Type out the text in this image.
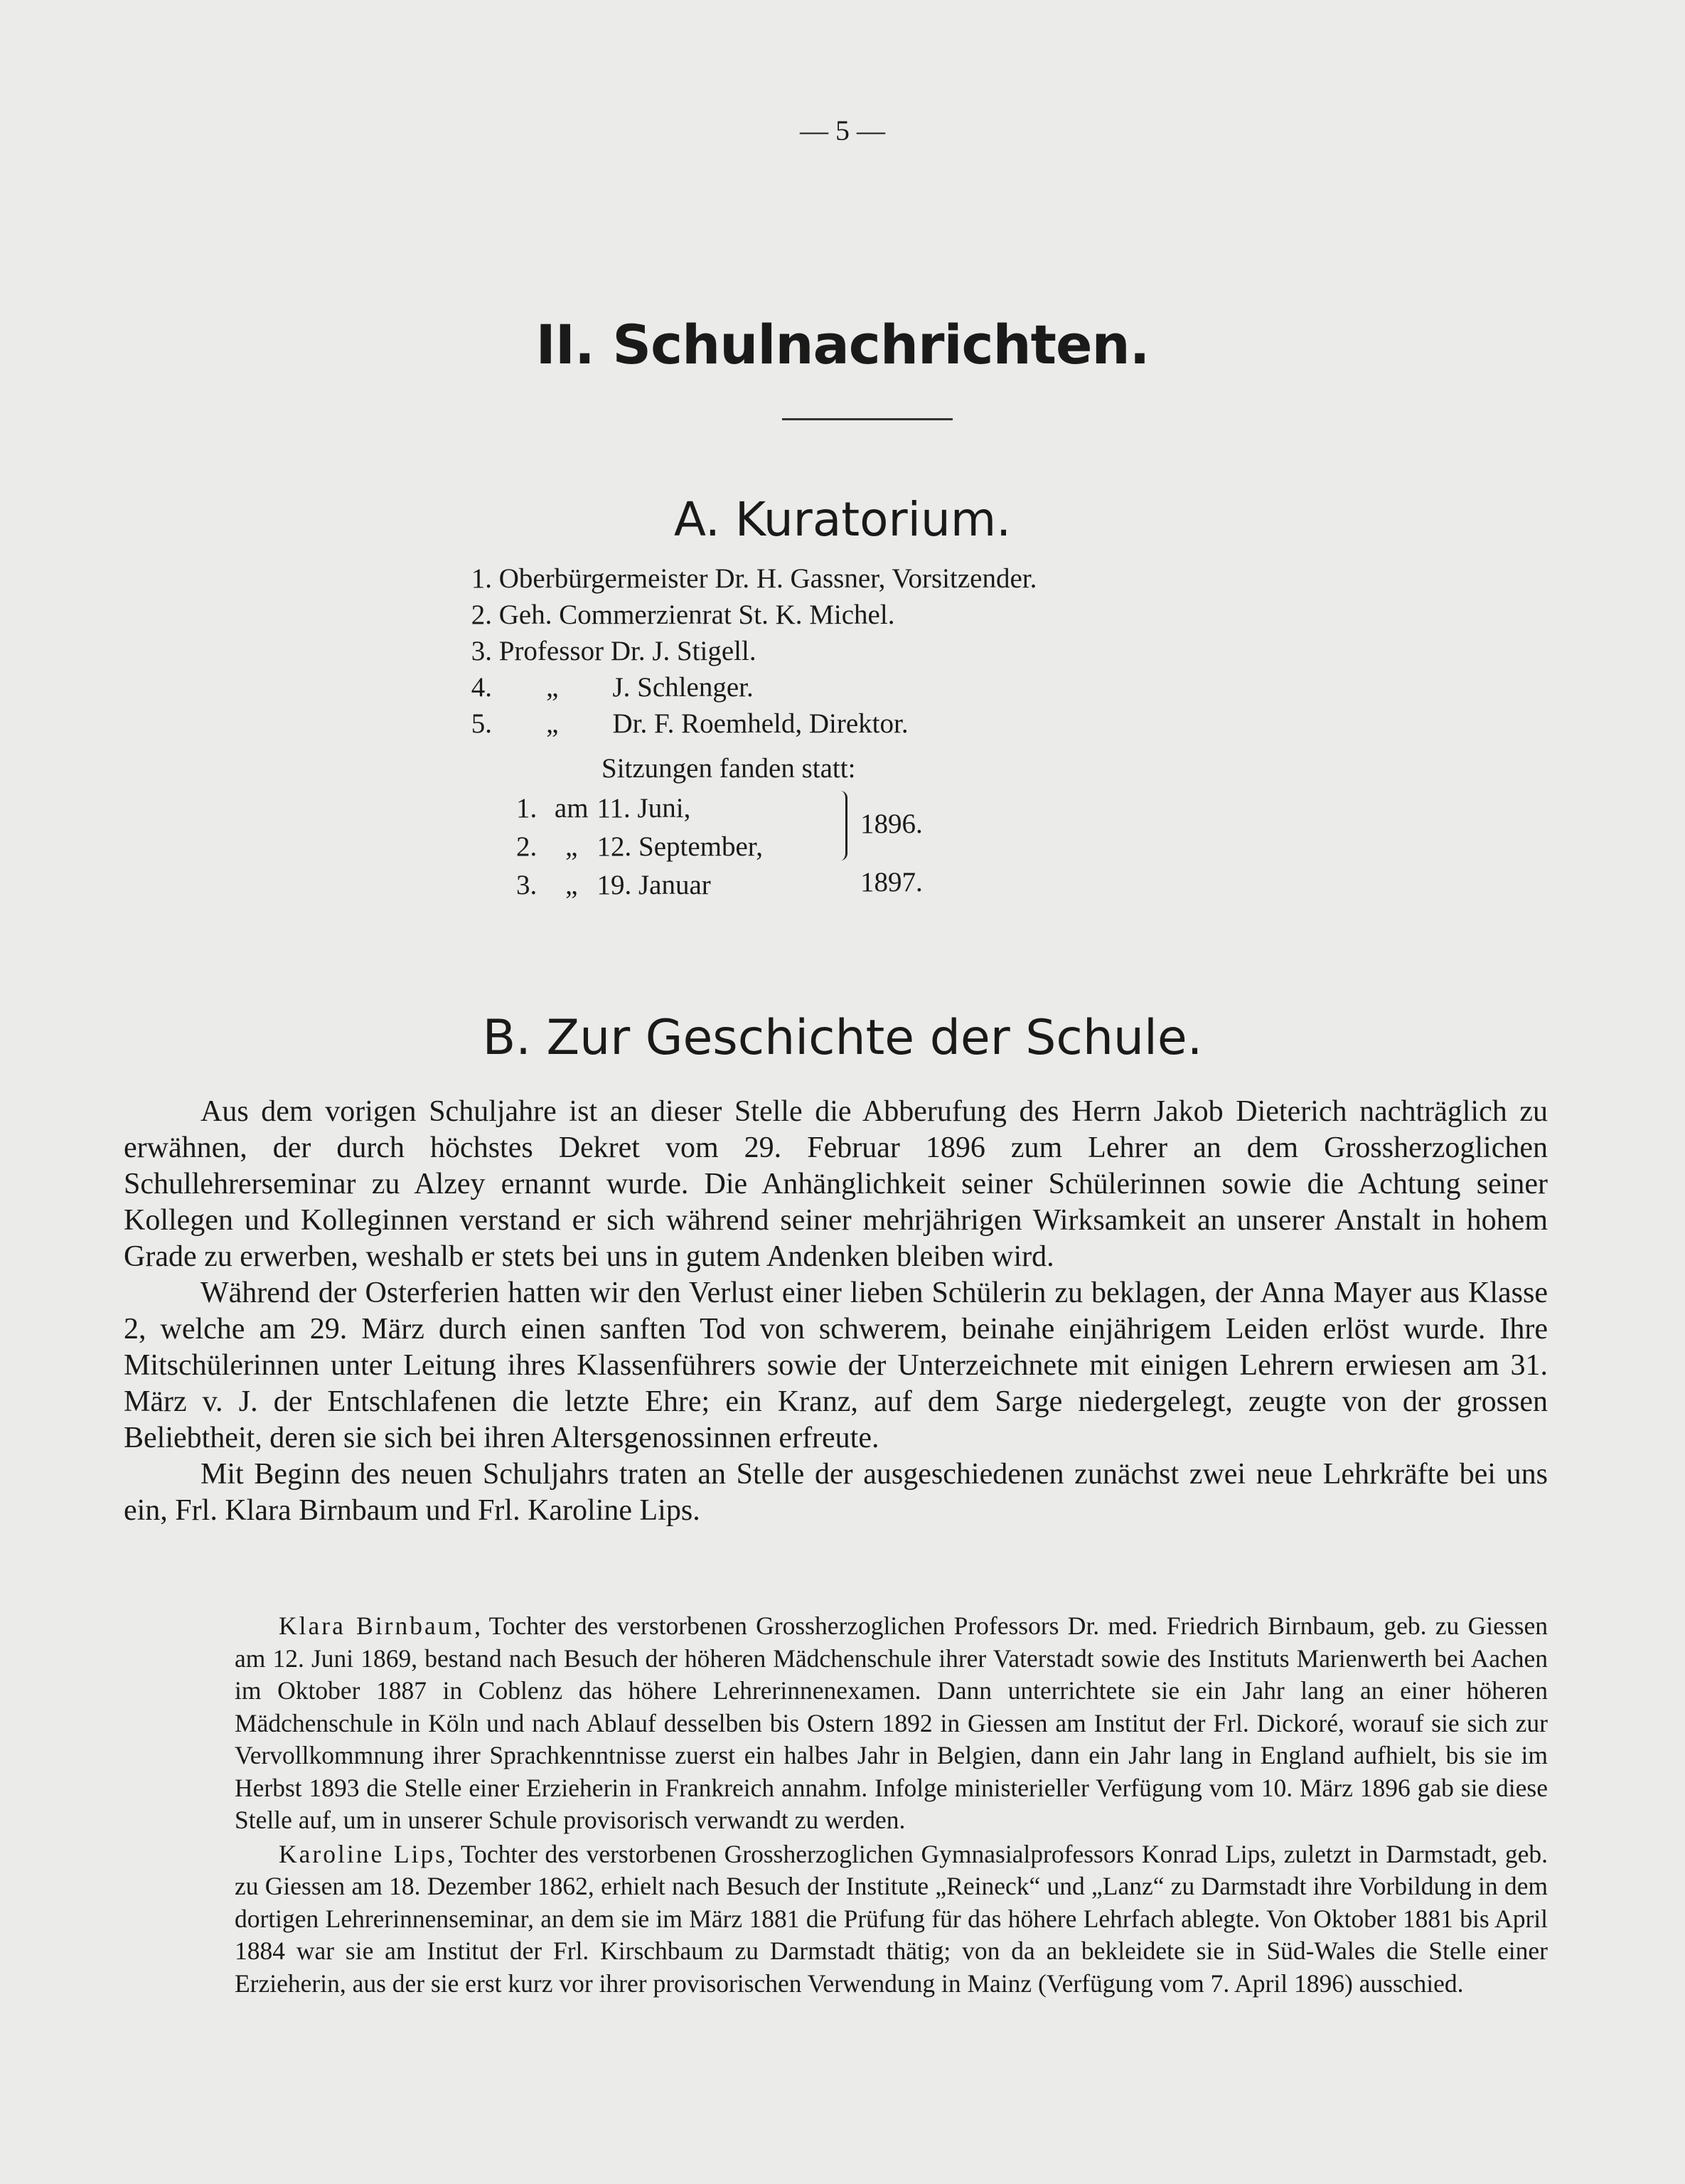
— 5 —
II. Schulnachrichten.
A. Kuratorium.
1. Oberbürgermeister Dr. H. Gassner, Vorsitzender.
2. Geh. Commerzienrat St. K. Michel.
3. Professor Dr. J. Stigell.
4. „ J. Schlenger.
5. „ Dr. F. Roemheld, Direktor.
Sitzungen fanden statt:
1. am 11. Juni,
2. „ 12. September,
3. „ 19. Januar
1896.
1897.
B. Zur Geschichte der Schule.

Aus dem vorigen Schuljahre ist an dieser Stelle die Abberufung des Herrn Jakob Dieterich nachträglich zu erwähnen, der durch höchstes Dekret vom 29. Februar 1896 zum Lehrer an dem Grossherzoglichen Schullehrerseminar zu Alzey ernannt wurde. Die Anhänglichkeit seiner Schülerinnen sowie die Achtung seiner Kollegen und Kolleginnen verstand er sich während seiner mehrjährigen Wirksamkeit an unserer Anstalt in hohem Grade zu erwerben, weshalb er stets bei uns in gutem Andenken bleiben wird.

Während der Osterferien hatten wir den Verlust einer lieben Schülerin zu beklagen, der Anna Mayer aus Klasse 2, welche am 29. März durch einen sanften Tod von schwerem, beinahe einjährigem Leiden erlöst wurde. Ihre Mitschülerinnen unter Leitung ihres Klassenführers sowie der Unterzeichnete mit einigen Lehrern erwiesen am 31. März v. J. der Entschlafenen die letzte Ehre; ein Kranz, auf dem Sarge niedergelegt, zeugte von der grossen Beliebtheit, deren sie sich bei ihren Altersgenossinnen erfreute.

Mit Beginn des neuen Schuljahrs traten an Stelle der ausgeschiedenen zunächst zwei neue Lehrkräfte bei uns ein, Frl. Klara Birnbaum und Frl. Karoline Lips.

Klara Birnbaum, Tochter des verstorbenen Grossherzoglichen Professors Dr. med. Friedrich Birnbaum, geb. zu Giessen am 12. Juni 1869, bestand nach Besuch der höheren Mädchenschule ihrer Vaterstadt sowie des Instituts Marienwerth bei Aachen im Oktober 1887 in Coblenz das höhere Lehrerinnenexamen. Dann unterrichtete sie ein Jahr lang an einer höheren Mädchenschule in Köln und nach Ablauf desselben bis Ostern 1892 in Giessen am Institut der Frl. Dickoré, worauf sie sich zur Vervollkommnung ihrer Sprachkenntnisse zuerst ein halbes Jahr in Belgien, dann ein Jahr lang in England aufhielt, bis sie im Herbst 1893 die Stelle einer Erzieherin in Frankreich annahm. Infolge ministerieller Verfügung vom 10. März 1896 gab sie diese Stelle auf, um in unserer Schule provisorisch verwandt zu werden.

Karoline Lips, Tochter des verstorbenen Grossherzoglichen Gymnasialprofessors Konrad Lips, zuletzt in Darmstadt, geb. zu Giessen am 18. Dezember 1862, erhielt nach Besuch der Institute „Reineck“ und „Lanz“ zu Darmstadt ihre Vorbildung in dem dortigen Lehrerinnenseminar, an dem sie im März 1881 die Prüfung für das höhere Lehrfach ablegte. Von Oktober 1881 bis April 1884 war sie am Institut der Frl. Kirschbaum zu Darmstadt thätig; von da an bekleidete sie in Süd-Wales die Stelle einer Erzieherin, aus der sie erst kurz vor ihrer provisorischen Verwendung in Mainz (Verfügung vom 7. April 1896) ausschied.
